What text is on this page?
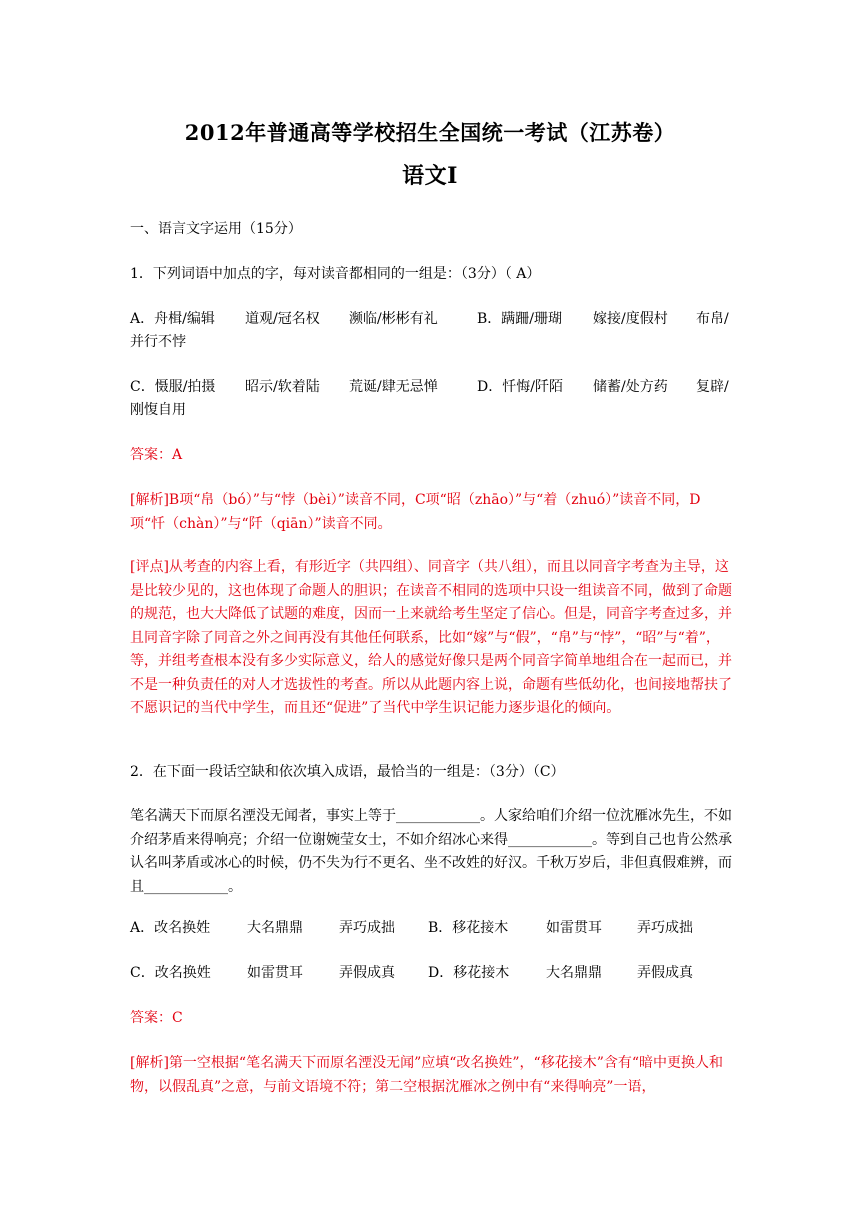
2012年普通高等学校招生全国统一考试（江苏卷）
语文Ⅰ

一、语言文字运用（15分）

1．下列词语中加点的字，每对读音都相同的一组是：（3分）（ A）

A．舟楫/编辑 道观/冠名权 濒临/彬彬有礼	B．蹒跚/珊瑚 嫁接/度假村 布帛/
并行不悖
C．慑服/拍摄 昭示/软着陆 荒诞/肆无忌惮	D．忏悔/阡陌 储蓄/处方药 复辟/
刚愎自用

答案：A

[解析]B项“帛（bó）”与“悖（bèi）”读音不同，C项“昭（zhāo）”与“着（zhuó）”读音不同，D项“忏（chàn）”与“阡（qiān）”读音不同。

[评点]从考查的内容上看，有形近字（共四组）、同音字（共八组），而且以同音字考查为主导，这是比较少见的，这也体现了命题人的胆识；在读音不相同的选项中只设一组读音不同，做到了命题的规范，也大大降低了试题的难度，因而一上来就给考生坚定了信心。但是，同音字考查过多，并且同音字除了同音之外之间再没有其他任何联系，比如“嫁”与“假”，“帛”与“悖”，“昭”与“着”，等，并组考查根本没有多少实际意义，给人的感觉好像只是两个同音字简单地组合在一起而已，并不是一种负责任的对人才选拔性的考查。所以从此题内容上说，命题有些低幼化，也间接地帮扶了不愿识记的当代中学生，而且还“促进”了当代中学生识记能力逐步退化的倾向。

2．在下面一段话空缺和依次填入成语，最恰当的一组是：（3分）（C）

笔名满天下而原名湮没无闻者，事实上等于____________。人家给咱们介绍一位沈雁冰先生，不如介绍茅盾来得响亮；介绍一位谢婉莹女士，不如介绍冰心来得____________。等到自己也肯公然承认名叫茅盾或冰心的时候，仍不失为行不更名、坐不改姓的好汉。千秋万岁后，非但真假难辨，而且____________。

A．改名换姓	大名鼎鼎	弄巧成拙 B．移花接木	如雷贯耳	弄巧成拙
C．改名换姓	如雷贯耳	弄假成真 D．移花接木	大名鼎鼎	弄假成真

答案：C

[解析]第一空根据“笔名满天下而原名湮没无闻”应填“改名换姓”，“移花接木”含有“暗中更换人和物，以假乱真”之意，与前文语境不符；第二空根据沈雁冰之例中有“来得响亮”一语，
